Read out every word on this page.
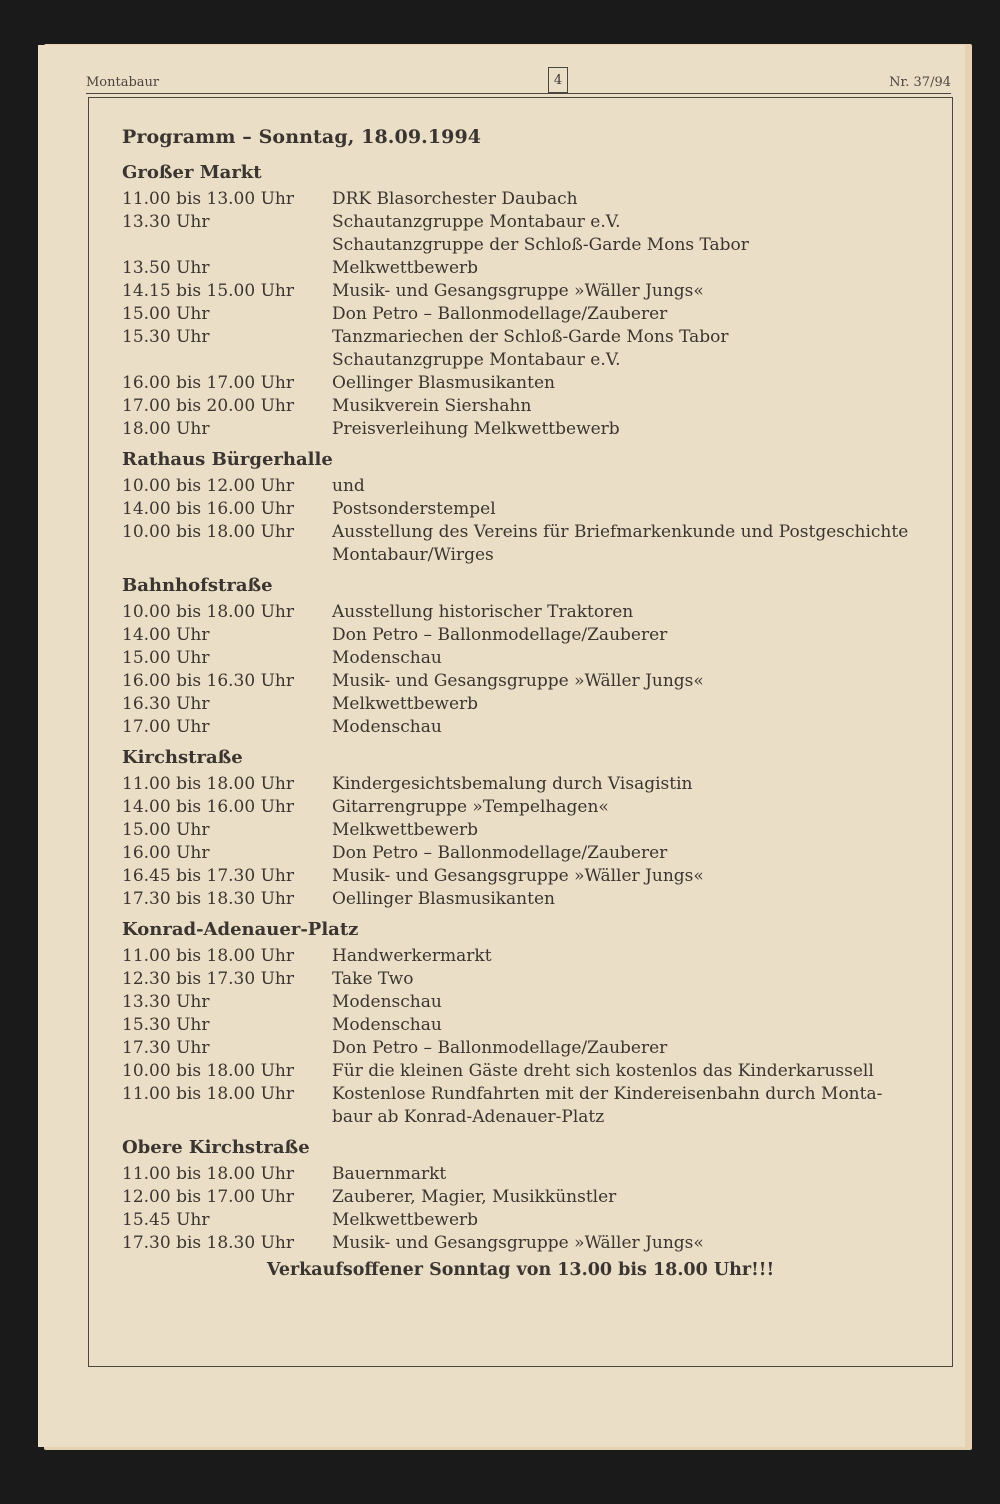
Montabaur	4	Nr. 37/94
Programm – Sonntag, 18.09.1994
Großer Markt
11.00 bis 13.00 Uhr	DRK Blasorchester Daubach
13.30 Uhr	Schautanzgruppe Montabaur e.V.
Schautanzgruppe der Schloß-Garde Mons Tabor
13.50 Uhr	Melkwettbewerb
14.15 bis 15.00 Uhr	Musik- und Gesangsgruppe »Wäller Jungs«
15.00 Uhr	Don Petro – Ballonmodellage/Zauberer
15.30 Uhr	Tanzmariechen der Schloß-Garde Mons Tabor
Schautanzgruppe Montabaur e.V.
16.00 bis 17.00 Uhr	Oellinger Blasmusikanten
17.00 bis 20.00 Uhr	Musikverein Siershahn
18.00 Uhr	Preisverleihung Melkwettbewerb
Rathaus Bürgerhalle
10.00 bis 12.00 Uhr	und
14.00 bis 16.00 Uhr	Postsonderstempel
10.00 bis 18.00 Uhr	Ausstellung des Vereins für Briefmarkenkunde und Postgeschichte
Montabaur/Wirges
Bahnhofstraße
10.00 bis 18.00 Uhr	Ausstellung historischer Traktoren
14.00 Uhr	Don Petro – Ballonmodellage/Zauberer
15.00 Uhr	Modenschau
16.00 bis 16.30 Uhr	Musik- und Gesangsgruppe »Wäller Jungs«
16.30 Uhr	Melkwettbewerb
17.00 Uhr	Modenschau
Kirchstraße
11.00 bis 18.00 Uhr	Kindergesichtsbemalung durch Visagistin
14.00 bis 16.00 Uhr	Gitarrengruppe »Tempelhagen«
15.00 Uhr	Melkwettbewerb
16.00 Uhr	Don Petro – Ballonmodellage/Zauberer
16.45 bis 17.30 Uhr	Musik- und Gesangsgruppe »Wäller Jungs«
17.30 bis 18.30 Uhr	Oellinger Blasmusikanten
Konrad-Adenauer-Platz
11.00 bis 18.00 Uhr	Handwerkermarkt
12.30 bis 17.30 Uhr	Take Two
13.30 Uhr	Modenschau
15.30 Uhr	Modenschau
17.30 Uhr	Don Petro – Ballonmodellage/Zauberer
10.00 bis 18.00 Uhr	Für die kleinen Gäste dreht sich kostenlos das Kinderkarussell
11.00 bis 18.00 Uhr	Kostenlose Rundfahrten mit der Kindereisenbahn durch Monta-
baur ab Konrad-Adenauer-Platz
Obere Kirchstraße
11.00 bis 18.00 Uhr	Bauernmarkt
12.00 bis 17.00 Uhr	Zauberer, Magier, Musikkünstler
15.45 Uhr	Melkwettbewerb
17.30 bis 18.30 Uhr	Musik- und Gesangsgruppe »Wäller Jungs«
Verkaufsoffener Sonntag von 13.00 bis 18.00 Uhr!!!
